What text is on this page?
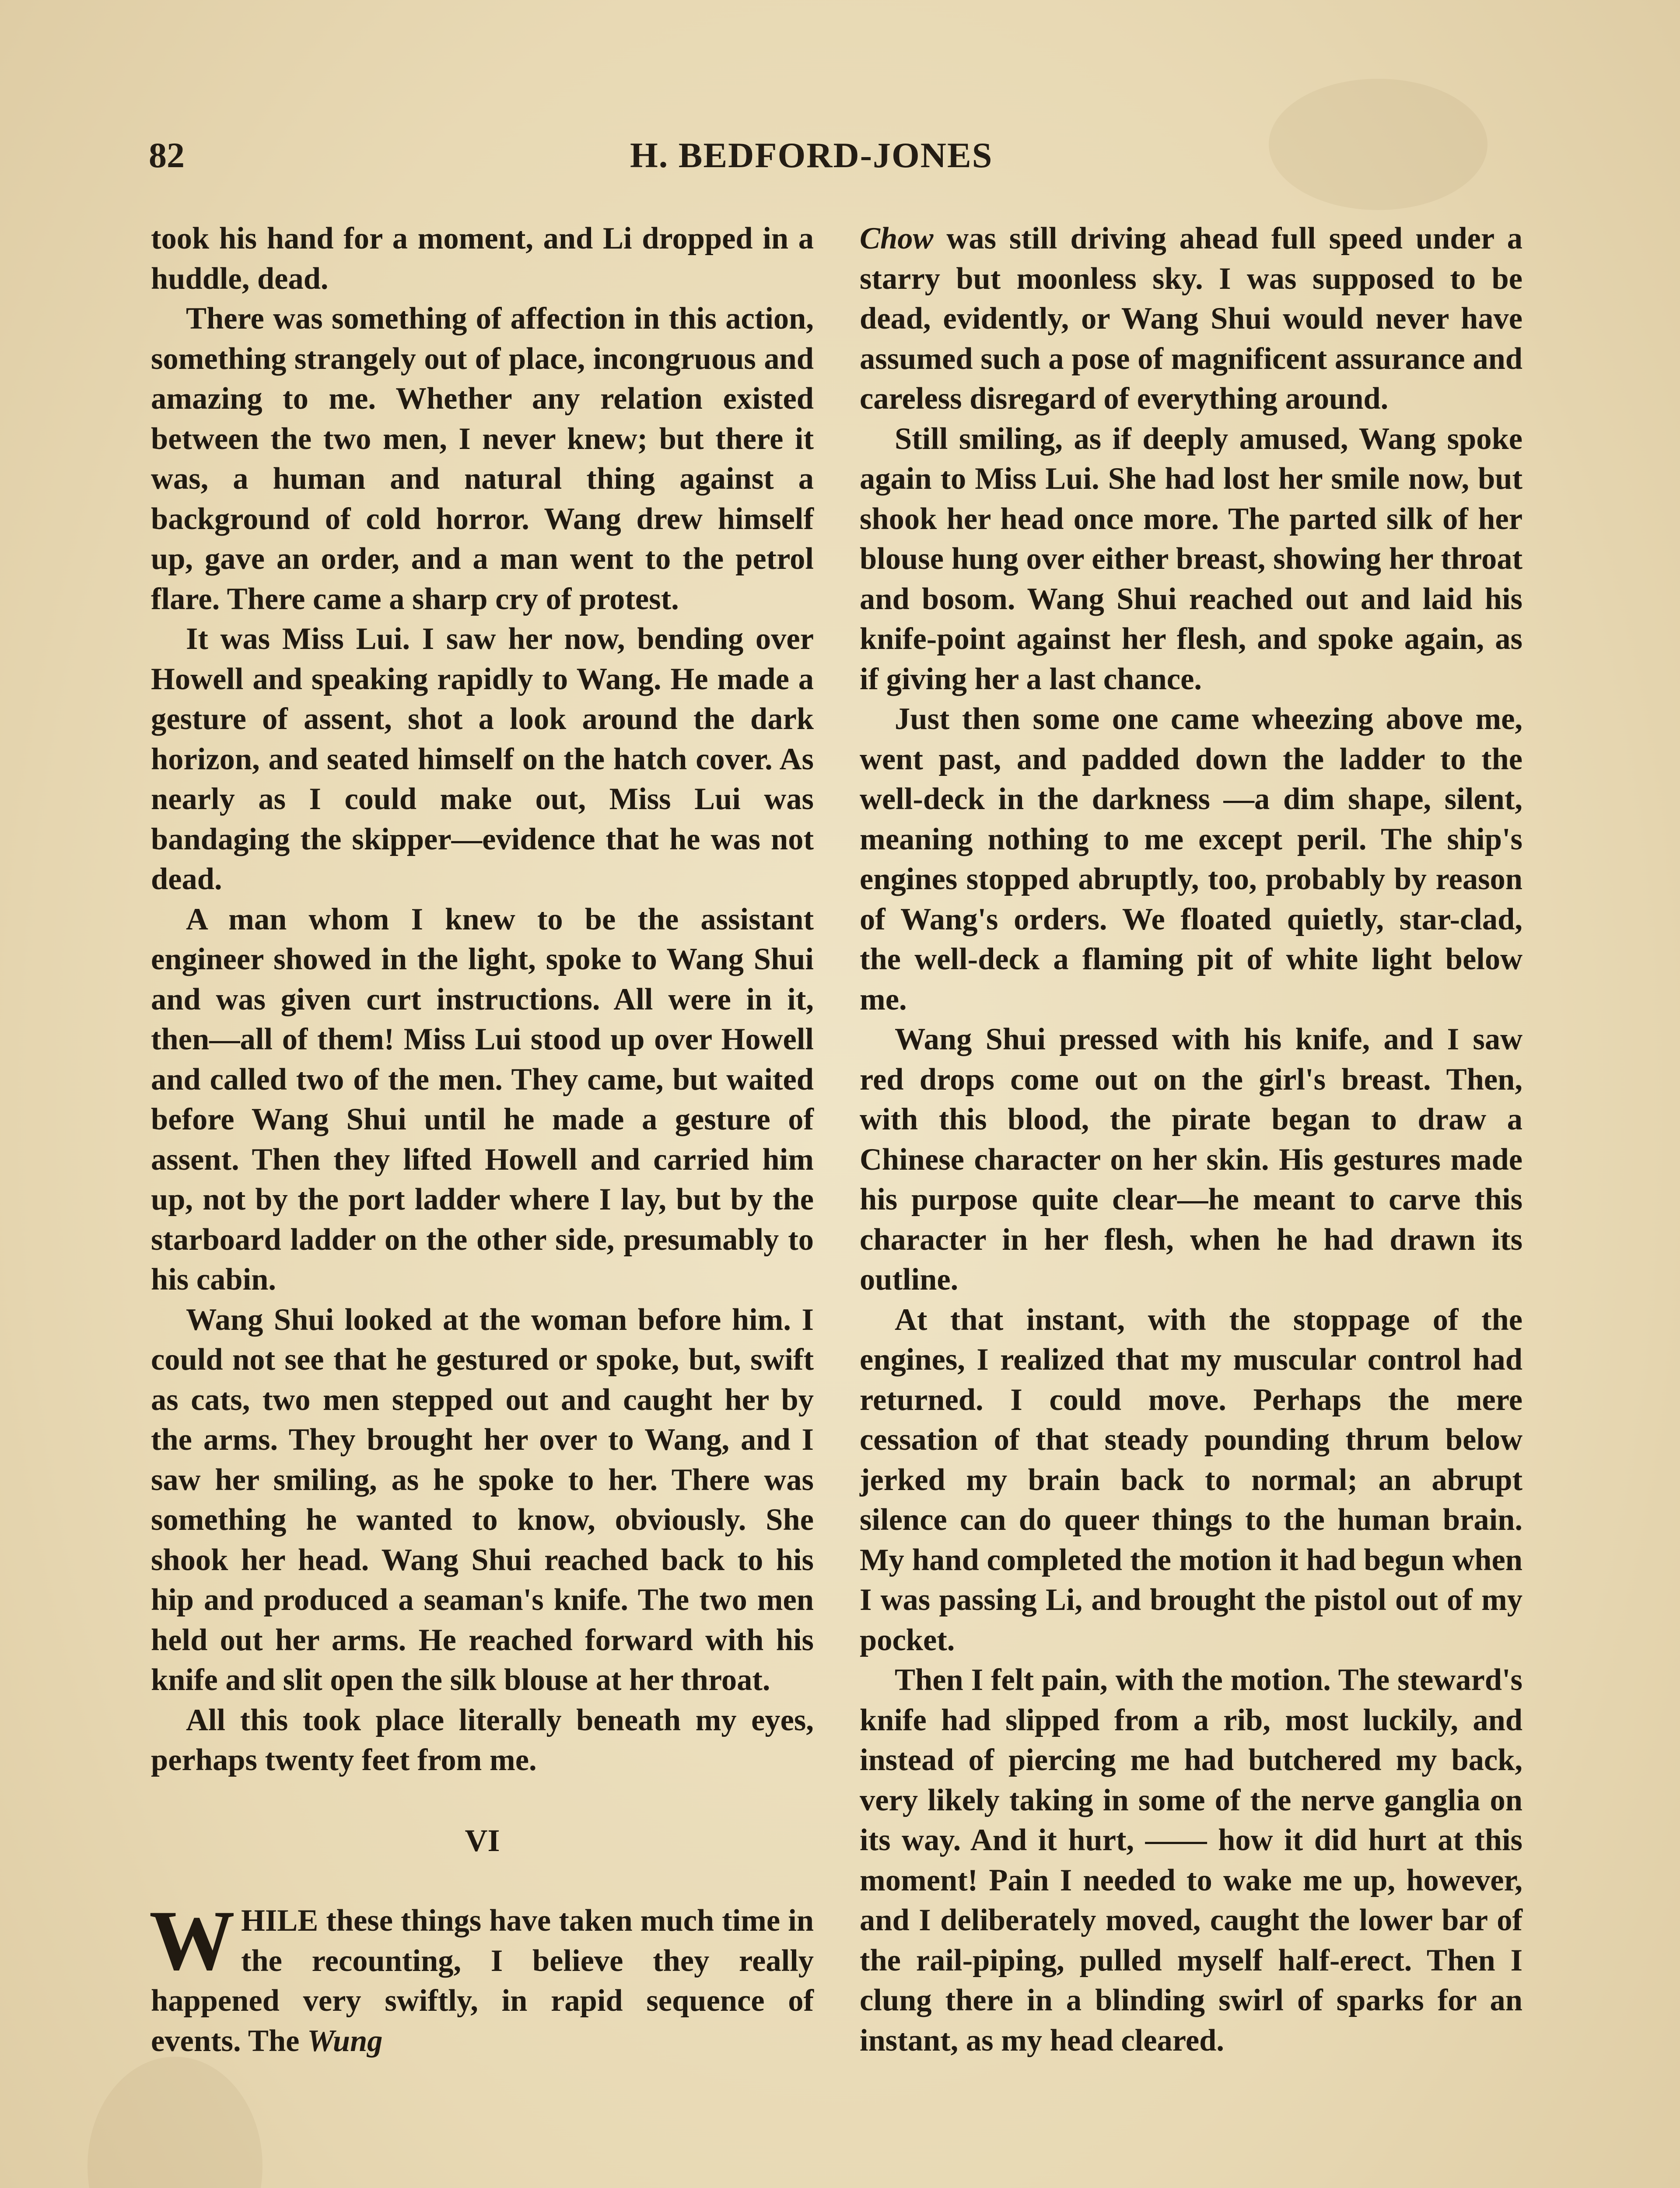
82	H. BEDFORD-JONES

took his hand for a moment, and Li dropped in a huddle, dead.

There was something of affection in this action, something strangely out of place, incongruous and amazing to me. Whether any relation existed between the two men, I never knew; but there it was, a human and natural thing against a background of cold horror. Wang drew himself up, gave an order, and a man went to the petrol flare. There came a sharp cry of protest.

It was Miss Lui. I saw her now, bending over Howell and speaking rapidly to Wang. He made a gesture of assent, shot a look around the dark horizon, and seated himself on the hatch cover. As nearly as I could make out, Miss Lui was bandaging the skipper—evidence that he was not dead.

A man whom I knew to be the assistant engineer showed in the light, spoke to Wang Shui and was given curt instructions. All were in it, then—all of them! Miss Lui stood up over Howell and called two of the men. They came, but waited before Wang Shui until he made a gesture of assent. Then they lifted Howell and carried him up, not by the port ladder where I lay, but by the starboard ladder on the other side, presumably to his cabin.

Wang Shui looked at the woman before him. I could not see that he gestured or spoke, but, swift as cats, two men stepped out and caught her by the arms. They brought her over to Wang, and I saw her smiling, as he spoke to her. There was something he wanted to know, obviously. She shook her head. Wang Shui reached back to his hip and produced a seaman's knife. The two men held out her arms. He reached forward with his knife and slit open the silk blouse at her throat.

All this took place literally beneath my eyes, perhaps twenty feet from me.

VI

WHILE these things have taken much time in the recounting, I believe they really happened very swiftly, in rapid sequence of events. The Wung

Chow was still driving ahead full speed under a starry but moonless sky. I was supposed to be dead, evidently, or Wang Shui would never have assumed such a pose of magnificent assurance and careless disregard of everything around.

Still smiling, as if deeply amused, Wang spoke again to Miss Lui. She had lost her smile now, but shook her head once more. The parted silk of her blouse hung over either breast, showing her throat and bosom. Wang Shui reached out and laid his knife-point against her flesh, and spoke again, as if giving her a last chance.

Just then some one came wheezing above me, went past, and padded down the ladder to the well-deck in the darkness —a dim shape, silent, meaning nothing to me except peril. The ship's engines stopped abruptly, too, probably by reason of Wang's orders. We floated quietly, star-clad, the well-deck a flaming pit of white light below me.

Wang Shui pressed with his knife, and I saw red drops come out on the girl's breast. Then, with this blood, the pirate began to draw a Chinese character on her skin. His gestures made his purpose quite clear—he meant to carve this character in her flesh, when he had drawn its outline.

At that instant, with the stoppage of the engines, I realized that my muscular control had returned. I could move. Perhaps the mere cessation of that steady pounding thrum below jerked my brain back to normal; an abrupt silence can do queer things to the human brain. My hand completed the motion it had begun when I was passing Li, and brought the pistol out of my pocket.

Then I felt pain, with the motion. The steward's knife had slipped from a rib, most luckily, and instead of piercing me had butchered my back, very likely taking in some of the nerve ganglia on its way. And it hurt, —— how it did hurt at this moment! Pain I needed to wake me up, however, and I deliberately moved, caught the lower bar of the rail-piping, pulled myself half-erect. Then I clung there in a blinding swirl of sparks for an instant, as my head cleared.
